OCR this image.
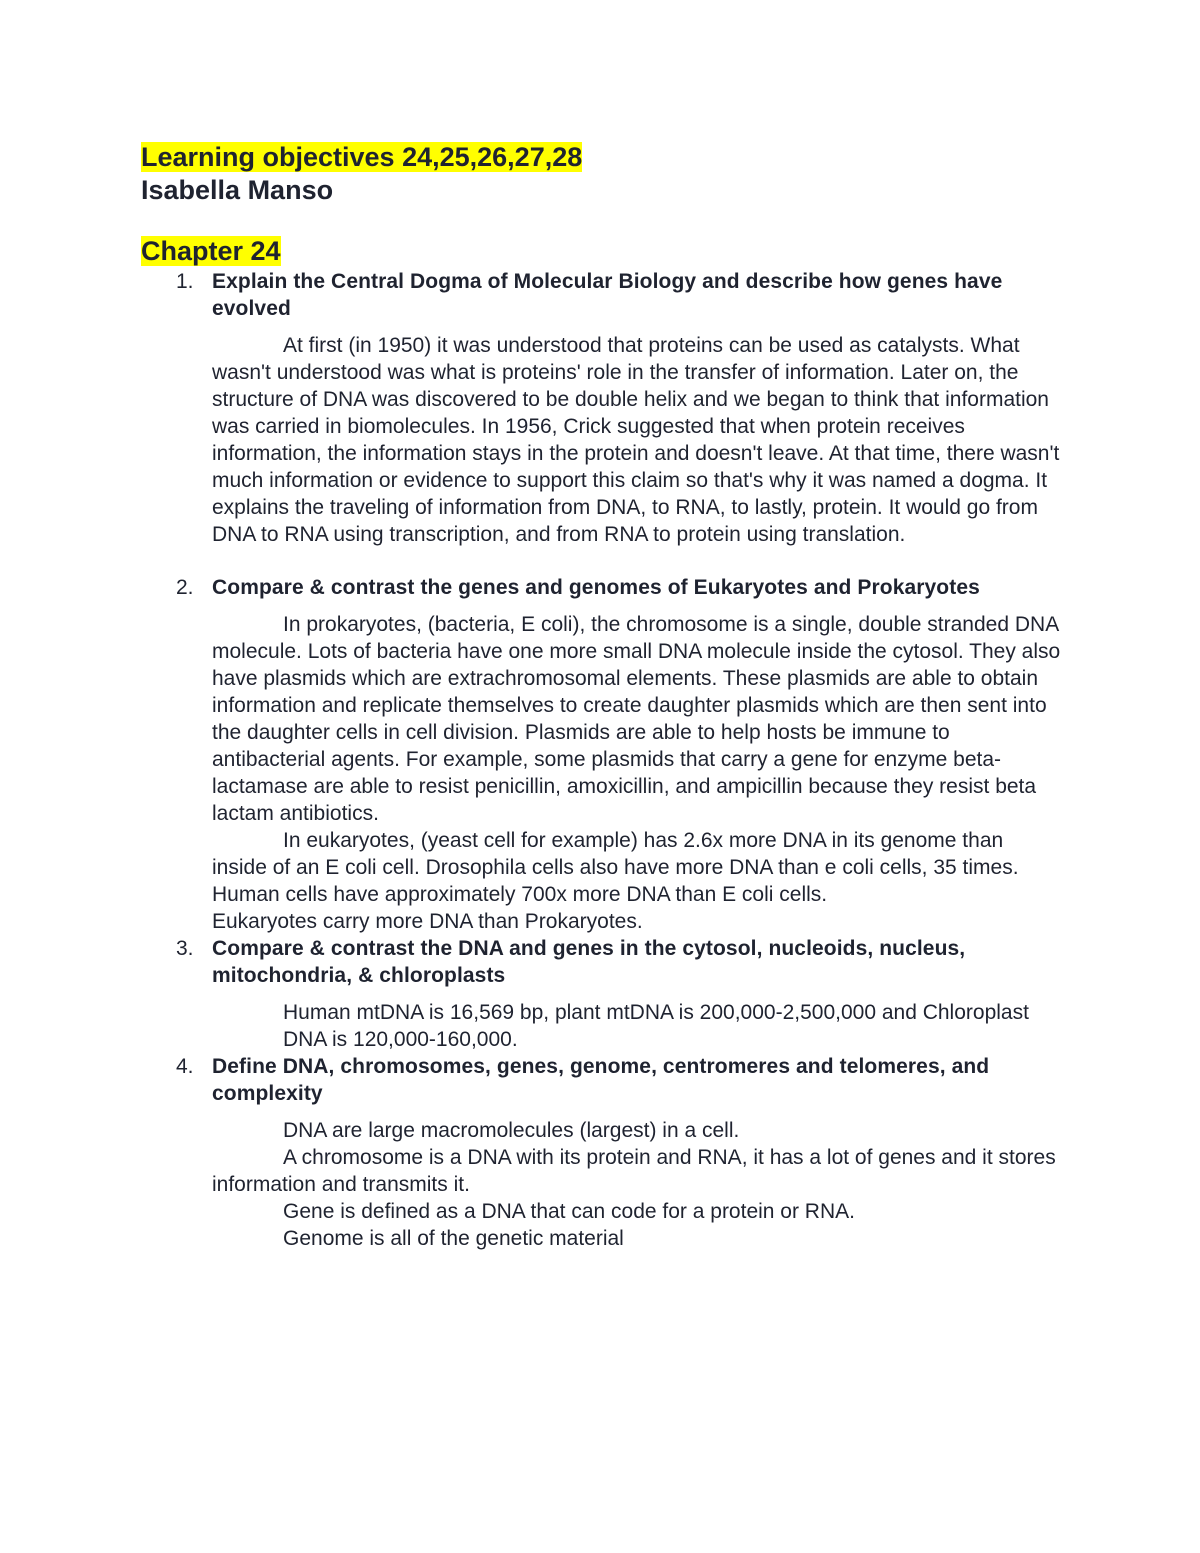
Learning objectives 24,25,26,27,28
Isabella Manso
Chapter 24
1. Explain the Central Dogma of Molecular Biology and describe how genes have evolved

At first (in 1950) it was understood that proteins can be used as catalysts. What wasn't understood was what is proteins' role in the transfer of information. Later on, the structure of DNA was discovered to be double helix and we began to think that information was carried in biomolecules. In 1956, Crick suggested that when protein receives information, the information stays in the protein and doesn't leave. At that time, there wasn't much information or evidence to support this claim so that's why it was named a dogma. It explains the traveling of information from DNA, to RNA, to lastly, protein. It would go from DNA to RNA using transcription, and from RNA to protein using translation.

2. Compare & contrast the genes and genomes of Eukaryotes and Prokaryotes

In prokaryotes, (bacteria, E coli), the chromosome is a single, double stranded DNA molecule. Lots of bacteria have one more small DNA molecule inside the cytosol. They also have plasmids which are extrachromosomal elements. These plasmids are able to obtain information and replicate themselves to create daughter plasmids which are then sent into the daughter cells in cell division. Plasmids are able to help hosts be immune to antibacterial agents. For example, some plasmids that carry a gene for enzyme beta-lactamase are able to resist penicillin, amoxicillin, and ampicillin because they resist beta lactam antibiotics.

In eukaryotes, (yeast cell for example) has 2.6x more DNA in its genome than inside of an E coli cell. Drosophila cells also have more DNA than e coli cells, 35 times. Human cells have approximately 700x more DNA than E coli cells.

Eukaryotes carry more DNA than Prokaryotes.

3. Compare & contrast the DNA and genes in the cytosol, nucleoids, nucleus, mitochondria, & chloroplasts

Human mtDNA is 16,569 bp, plant mtDNA is 200,000-2,500,000 and Chloroplast DNA is 120,000-160,000.

4. Define DNA, chromosomes, genes, genome, centromeres and telomeres, and complexity

DNA are large macromolecules (largest) in a cell.

A chromosome is a DNA with its protein and RNA, it has a lot of genes and it stores information and transmits it.

Gene is defined as a DNA that can code for a protein or RNA.

Genome is all of the genetic material
